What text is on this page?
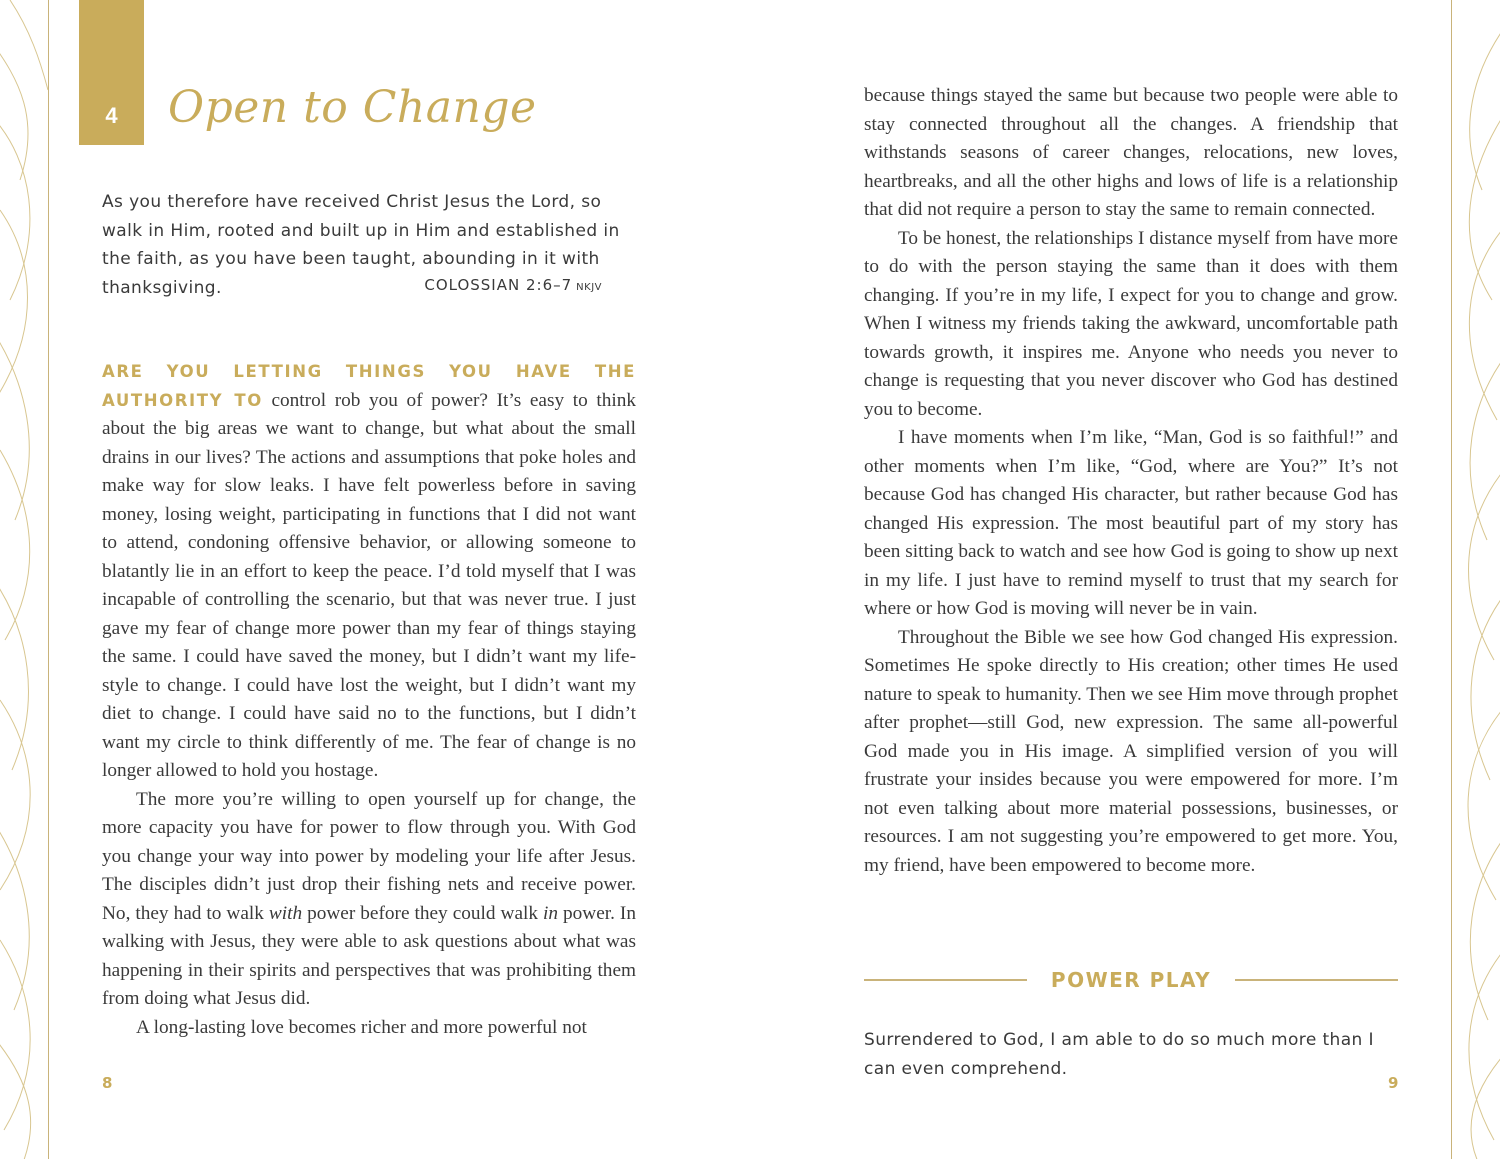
4	Open to Change
As you therefore have received Christ Jesus the Lord, so walk in Him, rooted and built up in Him and established in the faith, as you have been taught, abounding in it with thanksgiving.	COLOSSIAN 2:6–7 NKJV

ARE YOU LETTING THINGS YOU HAVE THE AUTHORITY TO control rob you of power? It’s easy to think about the big areas we want to change, but what about the small drains in our lives? The actions and assumptions that poke holes and make way for slow leaks. I have felt powerless before in saving money, losing weight, participating in functions that I did not want to attend, condoning offensive behavior, or allowing someone to blatantly lie in an effort to keep the peace. I’d told myself that I was incapable of controlling the scenario, but that was never true. I just gave my fear of change more power than my fear of things staying the same. I could have saved the money, but I didn’t want my lifestyle to change. I could have lost the weight, but I didn’t want my diet to change. I could have said no to the functions, but I didn’t want my circle to think differently of me. The fear of change is no longer allowed to hold you hostage.

The more you’re willing to open yourself up for change, the more capacity you have for power to flow through you. With God you change your way into power by modeling your life after Jesus. The disciples didn’t just drop their fishing nets and receive power. No, they had to walk with power before they could walk in power. In walking with Jesus, they were able to ask questions about what was happening in their spirits and perspectives that was prohibiting them from doing what Jesus did.

A long-lasting love becomes richer and more powerful not

8

because things stayed the same but because two people were able to stay connected throughout all the changes. A friendship that withstands seasons of career changes, relocations, new loves, heartbreaks, and all the other highs and lows of life is a relationship that did not require a person to stay the same to remain connected.

To be honest, the relationships I distance myself from have more to do with the person staying the same than it does with them changing. If you’re in my life, I expect for you to change and grow. When I witness my friends taking the awkward, uncomfortable path towards growth, it inspires me. Anyone who needs you never to change is requesting that you never discover who God has destined you to become.

I have moments when I’m like, “Man, God is so faithful!” and other moments when I’m like, “God, where are You?” It’s not because God has changed His character, but rather because God has changed His expression. The most beautiful part of my story has been sitting back to watch and see how God is going to show up next in my life. I just have to remind myself to trust that my search for where or how God is moving will never be in vain.

Throughout the Bible we see how God changed His expression. Sometimes He spoke directly to His creation; other times He used nature to speak to humanity. Then we see Him move through prophet after prophet—still God, new expression. The same all-powerful God made you in His image. A simplified version of you will frustrate your insides because you were empowered for more. I’m not even talking about more material possessions, businesses, or resources. I am not suggesting you’re empowered to get more. You, my friend, have been empowered to become more.

POWER PLAY
Surrendered to God, I am able to do so much more than I can even comprehend.
9
